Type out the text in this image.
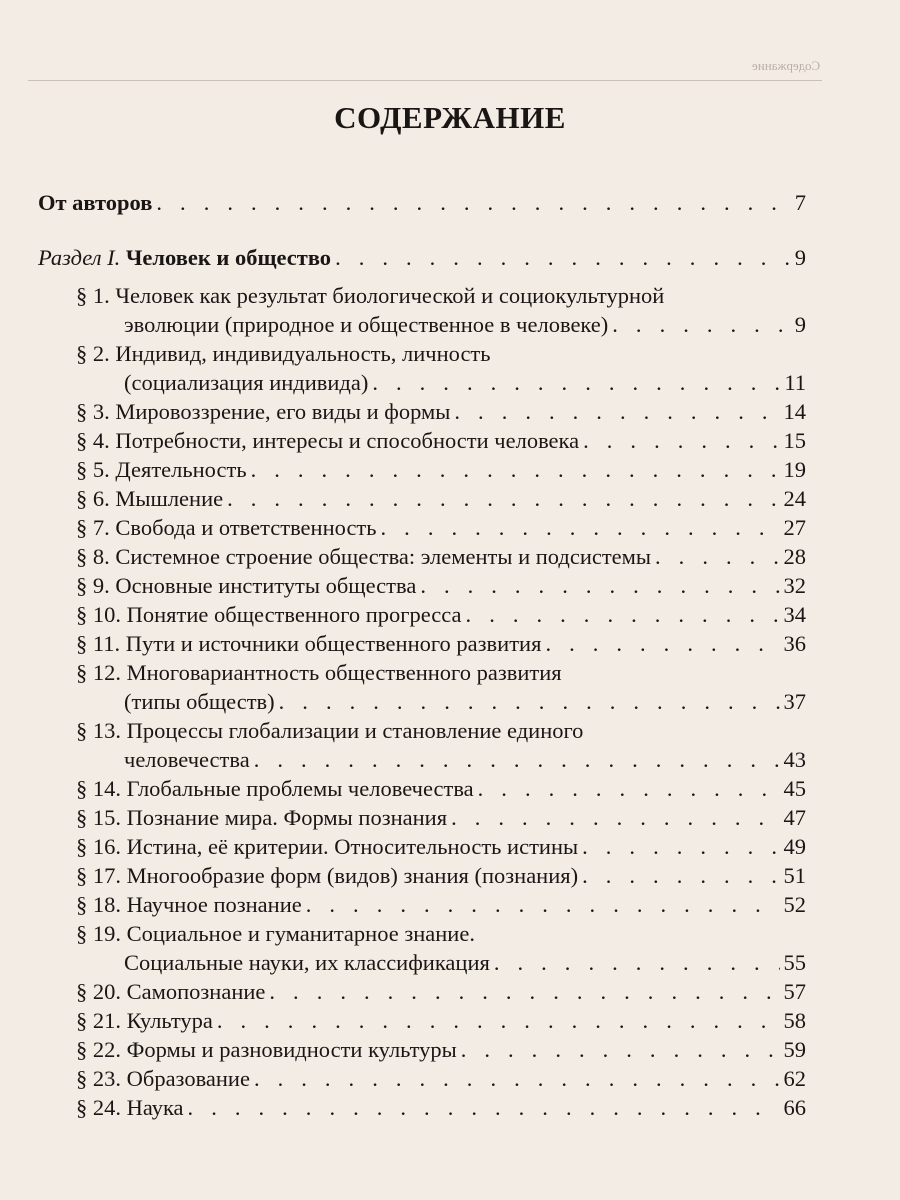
Содержание
СОДЕРЖАНИЕ
От авторов . . .	7
Раздел I. Человек и общество . . .	9
§ 1. Человек как результат биологической и социокультурной
эволюции (природное и общественное в человеке) . . .	9
§ 2. Индивид, индивидуальность, личность
(социализация индивида) . . .	11
§ 3. Мировоззрение, его виды и формы . . .	14
§ 4. Потребности, интересы и способности человека . . .	15
§ 5. Деятельность . . .	19
§ 6. Мышление . . .	24
§ 7. Свобода и ответственность . . .	27
§ 8. Системное строение общества: элементы и подсистемы . . .	28
§ 9. Основные институты общества . . .	32
§ 10. Понятие общественного прогресса . . .	34
§ 11. Пути и источники общественного развития . . .	36
§ 12. Многовариантность общественного развития
(типы обществ) . . .	37
§ 13. Процессы глобализации и становление единого
человечества . . .	43
§ 14. Глобальные проблемы человечества . . .	45
§ 15. Познание мира. Формы познания . . .	47
§ 16. Истина, её критерии. Относительность истины . . .	49
§ 17. Многообразие форм (видов) знания (познания) . . .	51
§ 18. Научное познание . . .	52
§ 19. Социальное и гуманитарное знание.
Социальные науки, их классификация . . .	55
§ 20. Самопознание . . .	57
§ 21. Культура . . .	58
§ 22. Формы и разновидности культуры . . .	59
§ 23. Образование . . .	62
§ 24. Наука . . .	66
